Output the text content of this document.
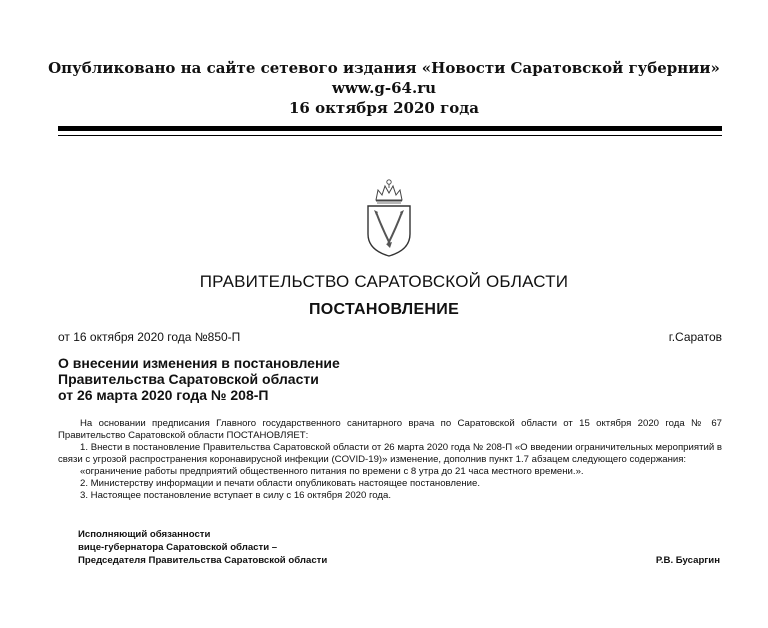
Опубликовано на сайте сетевого издания «Новости Саратовской губернии»
www.g-64.ru
16 октября 2020 года
ПРАВИТЕЛЬСТВО САРАТОВСКОЙ ОБЛАСТИ
ПОСТАНОВЛЕНИЕ
от 16 октября 2020 года №850-П	г.Саратов
О внесении изменения в постановление
Правительства Саратовской области
от 26 марта 2020 года № 208-П
На основании предписания Главного государственного санитарного врача по Саратовской области от 15 октября 2020 года № 67 Правительство Саратовской области ПОСТАНОВЛЯЕТ:
1. Внести в постановление Правительства Саратовской области от 26 марта 2020 года № 208-П «О введении ограничительных мероприятий в связи с угрозой распространения коронавирусной инфекции (COVID-19)» изменение, дополнив пункт 1.7 абзацем следующего содержания:
«ограничение работы предприятий общественного питания по времени с 8 утра до 21 часа местного времени.».
2. Министерству информации и печати области опубликовать настоящее постановление.
3. Настоящее постановление вступает в силу с 16 октября 2020 года.
Исполняющий обязанности
вице-губернатора Саратовской области –
Председателя Правительства Саратовской области	Р.В. Бусаргин
